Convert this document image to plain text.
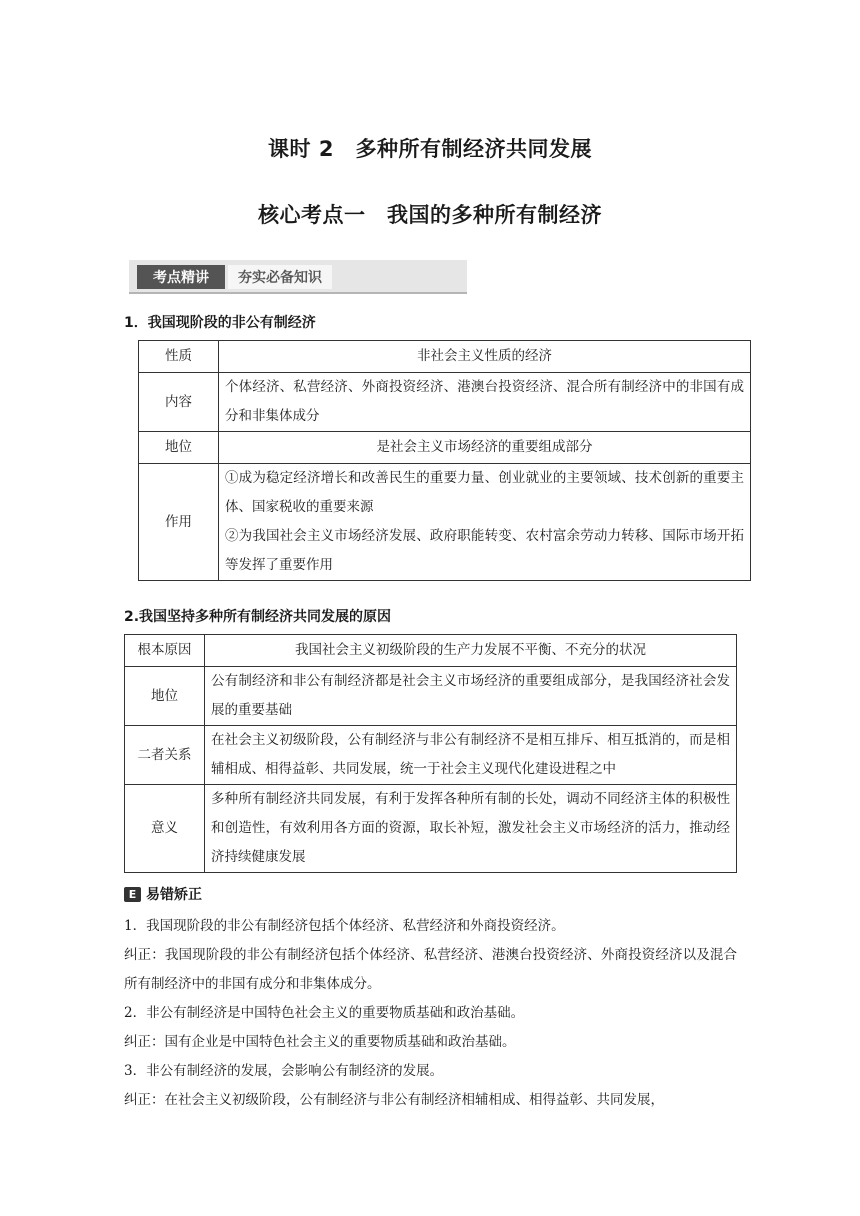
课时 2　多种所有制经济共同发展
核心考点一　我国的多种所有制经济
考点精讲	夯实必备知识
1．我国现阶段的非公有制经济
性质	非社会主义性质的经济
内容	个体经济、私营经济、外商投资经济、港澳台投资经济、混合所有制经济中的非国有成分和非集体成分
地位	是社会主义市场经济的重要组成部分
作用	①成为稳定经济增长和改善民生的重要力量、创业就业的主要领域、技术创新的重要主体、国家税收的重要来源
②为我国社会主义市场经济发展、政府职能转变、农村富余劳动力转移、国际市场开拓等发挥了重要作用
2.我国坚持多种所有制经济共同发展的原因
根本原因	我国社会主义初级阶段的生产力发展不平衡、不充分的状况
地位	公有制经济和非公有制经济都是社会主义市场经济的重要组成部分，是我国经济社会发展的重要基础
二者关系	在社会主义初级阶段，公有制经济与非公有制经济不是相互排斥、相互抵消的，而是相辅相成、相得益彰、共同发展，统一于社会主义现代化建设进程之中
意义	多种所有制经济共同发展，有利于发挥各种所有制的长处，调动不同经济主体的积极性和创造性，有效利用各方面的资源，取长补短，激发社会主义市场经济的活力，推动经济持续健康发展
E 易错矫正
1．我国现阶段的非公有制经济包括个体经济、私营经济和外商投资经济。
纠正：我国现阶段的非公有制经济包括个体经济、私营经济、港澳台投资经济、外商投资经济以及混合所有制经济中的非国有成分和非集体成分。
2．非公有制经济是中国特色社会主义的重要物质基础和政治基础。
纠正：国有企业是中国特色社会主义的重要物质基础和政治基础。
3．非公有制经济的发展，会影响公有制经济的发展。
纠正：在社会主义初级阶段，公有制经济与非公有制经济相辅相成、相得益彰、共同发展，
